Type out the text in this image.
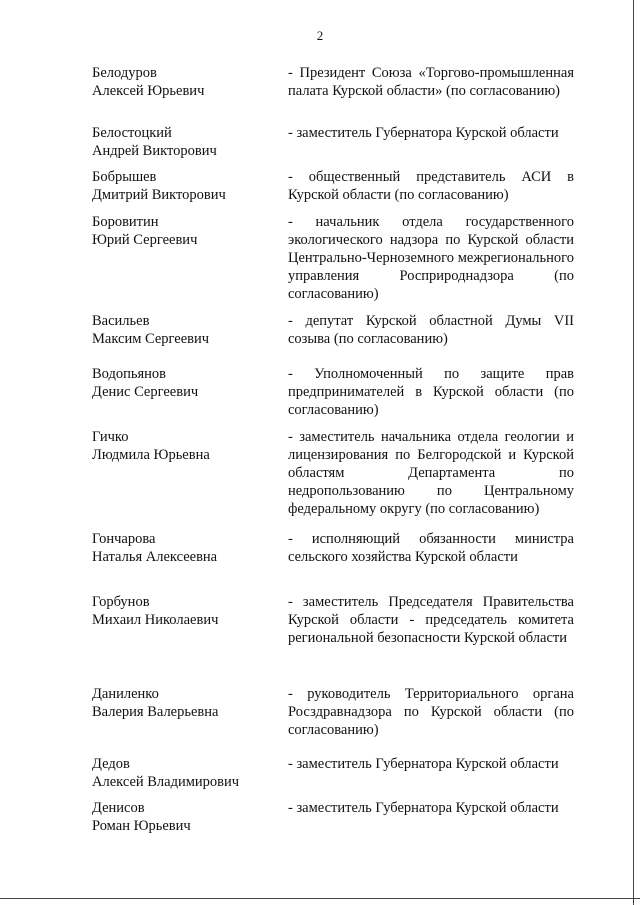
2
Белодуров
Алексей Юрьевич
- Президент Союза «Торгово-промышленная палата Курской области» (по согласованию)
Белостоцкий
Андрей Викторович
- заместитель Губернатора Курской области
Бобрышев
Дмитрий Викторович
- общественный представитель АСИ в Курской области (по согласованию)
Боровитин
Юрий Сергеевич
- начальник отдела государственного экологического надзора по Курской области Центрально-Черноземного межрегионального управления Росприроднадзора (по согласованию)
Васильев
Максим Сергеевич
- депутат Курской областной Думы VII созыва (по согласованию)
Водопьянов
Денис Сергеевич
- Уполномоченный по защите прав предпринимателей в Курской области (по согласованию)
Гичко
Людмила Юрьевна
- заместитель начальника отдела геологии и лицензирования по Белгородской и Курской областям Департамента по недропользованию по Центральному федеральному округу (по согласованию)
Гончарова
Наталья Алексеевна
- исполняющий обязанности министра сельского хозяйства Курской области
Горбунов
Михаил Николаевич
- заместитель Председателя Правительства Курской области - председатель комитета региональной безопасности Курской области
Даниленко
Валерия Валерьевна
- руководитель Территориального органа Росздравнадзора по Курской области (по согласованию)
Дедов
Алексей Владимирович
- заместитель Губернатора Курской области
Денисов
Роман Юрьевич
- заместитель Губернатора Курской области
